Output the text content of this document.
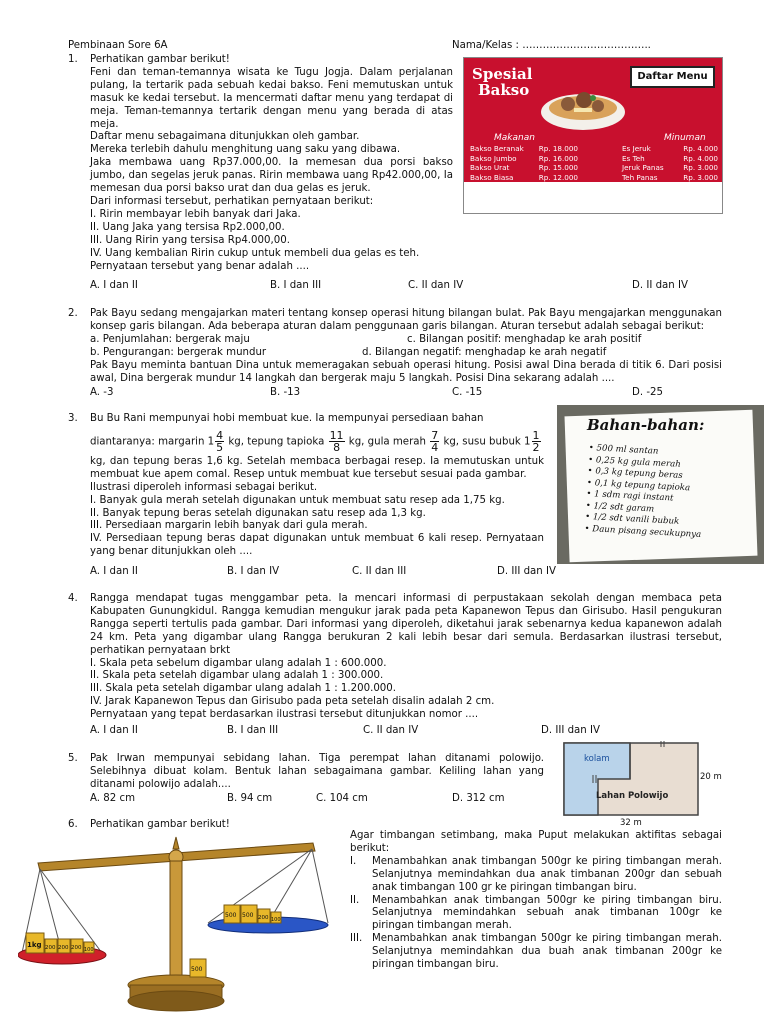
Pembinaan Sore 6A	Nama/Kelas : ………………………………..
1. Perhatikan gambar berikut!

Feni dan teman-temannya wisata ke Tugu Jogja. Dalam perjalanan pulang, Ia tertarik pada sebuah kedai bakso. Feni memutuskan untuk masuk ke kedai tersebut. Ia mencermati daftar menu yang terdapat di meja. Teman-temannya tertarik dengan menu yang berada di atas meja.

Daftar menu sebagaimana ditunjukkan oleh gambar.

Mereka terlebih dahulu menghitung uang saku yang dibawa.

Jaka membawa uang Rp37.000,00. Ia memesan dua porsi bakso jumbo, dan segelas jeruk panas. Ririn membawa uang Rp42.000,00, Ia memesan dua porsi bakso urat dan dua gelas es jeruk.

Dari informasi tersebut, perhatikan pernyataan berikut:

I. Ririn membayar lebih banyak dari Jaka.

II. Uang Jaka yang tersisa Rp2.000,00.

III. Uang Ririn yang tersisa Rp4.000,00.

IV. Uang kembalian Ririn cukup untuk membeli dua gelas es teh.

Pernyataan tersebut yang benar adalah ....

A. I dan II	B. I dan III	C. II dan IV	D. II dan IV
Spesial
Bakso
Daftar Menu
Makanan	Minuman
Bakso Beranak Rp. 18.000
Bakso Jumbo	Rp. 16.000
Bakso Urat	Rp. 15.000
Bakso Biasa	Rp. 12.000
Es Jeruk	Rp. 4.000
Es Teh	Rp. 4.000
Jeruk Panas	Rp. 3.000
Teh Panas	Rp. 3.000
2. Pak Bayu sedang mengajarkan materi tentang konsep operasi hitung bilangan bulat. Pak Bayu mengajarkan menggunakan konsep garis bilangan. Ada beberapa aturan dalam penggunaan garis bilangan. Aturan tersebut adalah sebagai berikut:

a. Penjumlahan: bergerak maju	c. Bilangan positif: menghadap ke arah positif
b. Pengurangan: bergerak mundur	d. Bilangan negatif: menghadap ke arah negatif

Pak Bayu meminta bantuan Dina untuk memeragakan sebuah operasi hitung. Posisi awal Dina berada di titik 6. Dari posisi awal, Dina bergerak mundur 14 langkah dan bergerak maju 5 langkah. Posisi Dina sekarang adalah ....

A. -3	B. -13	C. -15	D. -25
3. Bu Bu Rani mempunyai hobi membuat kue. Ia mempunyai persediaan bahan

diantaranya: margarin $1 \frac{4}{5}$ kg, tepung tapioka $\frac{11}{8}$ kg, gula merah $\frac{7}{4}$ kg, susu bubuk $1 \frac{1}{2}$

kg, dan tepung beras 1,6 kg. Setelah membaca berbagai resep. Ia memutuskan untuk membuat kue apem comal. Resep untuk membuat kue tersebut sesuai pada gambar.

Ilustrasi diperoleh informasi sebagai berikut.

I. Banyak gula merah setelah digunakan untuk membuat satu resep ada 1,75 kg.

II. Banyak tepung beras setelah digunakan satu resep ada 1,3 kg.

III. Persediaan margarin lebih banyak dari gula merah.

IV. Persediaan tepung beras dapat digunakan untuk membuat 6 kali resep. Pernyataan yang benar ditunjukkan oleh ....

A. I dan II	B. I dan IV	C. II dan III	D. III dan IV
Bahan-bahan:
• 500 ml santan
• 0,25 kg gula merah
• 0,3 kg tepung beras
• 0,1 kg tepung tapioka
• 1 sdm ragi instant
• 1/2 sdt garam
• 1/2 sdt vanili bubuk
• Daun pisang secukupnya
4. Rangga mendapat tugas menggambar peta. Ia mencari informasi di perpustakaan sekolah dengan membaca peta Kabupaten Gunungkidul. Rangga kemudian mengukur jarak pada peta Kapanewon Tepus dan Girisubo. Hasil pengukuran Rangga seperti tertulis pada gambar. Dari informasi yang diperoleh, diketahui jarak sebenarnya kedua kapanewon adalah 24 km. Peta yang digambar ulang Rangga berukuran 2 kali lebih besar dari semula. Berdasarkan ilustrasi tersebut, perhatikan pernyataan brkt

I. Skala peta sebelum digambar ulang adalah 1 : 600.000.

II. Skala peta setelah digambar ulang adalah 1 : 300.000.

III. Skala peta setelah digambar ulang adalah 1 : 1.200.000.

IV. Jarak Kapanewon Tepus dan Girisubo pada peta setelah disalin adalah 2 cm.

Pernyataan yang tepat berdasarkan ilustrasi tersebut ditunjukkan nomor ....

A. I dan II	B. I dan III	C. II dan IV	D. III dan IV
5. Pak Irwan mempunyai sebidang lahan. Tiga perempat lahan ditanami polowijo. Selebihnya dibuat kolam. Bentuk lahan sebagaimana gambar. Keliling lahan yang ditanami polowijo adalah....

A. 82 cm	B. 94 cm	C. 104 cm	D. 312 cm
kolam
Lahan Polowijo
20 m
32 m
6. Perhatikan gambar berikut!

Agar timbangan setimbang, maka Puput melakukan aktifitas sebagai berikut:

I. Menambahkan anak timbangan 500gr ke piring timbangan merah. Selanjutnya memindahkan dua anak timbanan 200gr dan sebuah anak timbangan 100 gr ke piringan timbangan biru.

II. Menambahkan anak timbangan 500gr ke piring timbangan biru. Selanjutnya memindahkan sebuah anak timbanan 100gr ke piringan timbangan merah.

III. Menambahkan anak timbangan 500gr ke piring timbangan merah. Selanjutnya memindahkan dua buah anak timbanan 200gr ke piringan timbangan biru.

1kg 200 200 200 100
500 500 200 100
500
